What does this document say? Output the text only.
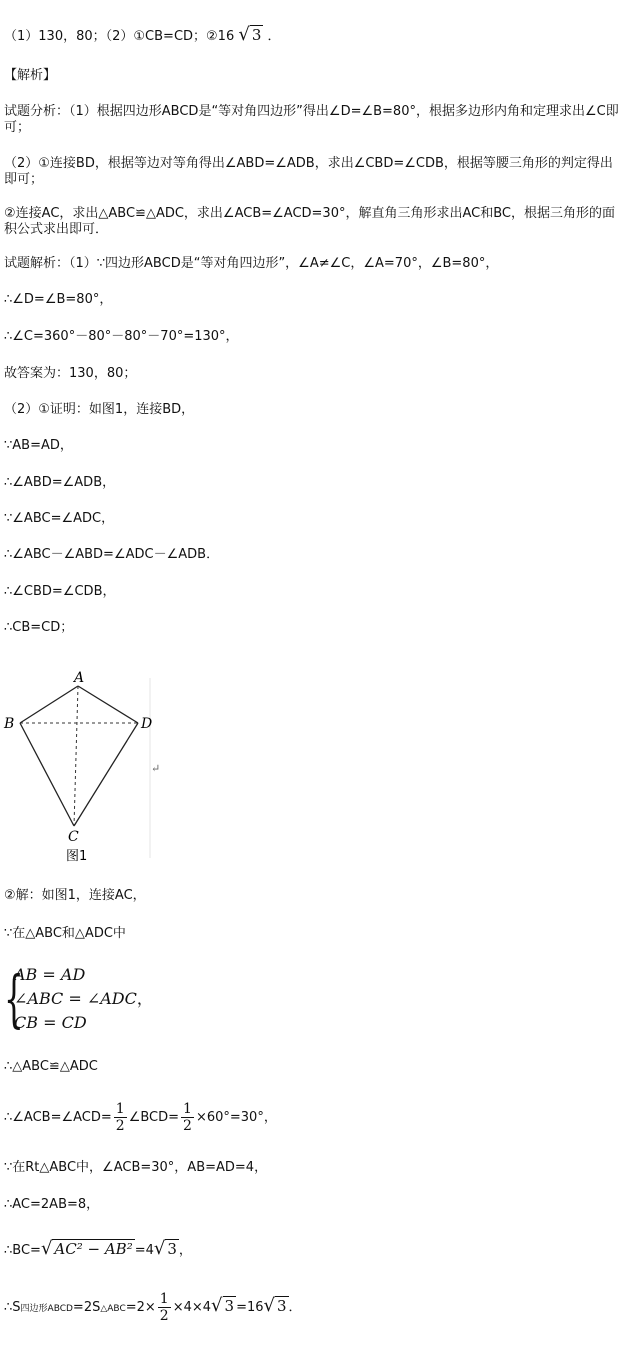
（1）130，80；（2）①CB=CD；②16 √ 3 ．
【解析】
试题分析：（1）根据四边形ABCD是“等对角四边形”得出∠D=∠B=80°，根据多边形内角和定理求出∠C即可；
（2）①连接BD，根据等边对等角得出∠ABD=∠ADB，求出∠CBD=∠CDB，根据等腰三角形的判定得出即可；
②连接AC，求出△ABC≌△ADC，求出∠ACB=∠ACD=30°，解直角三角形求出AC和BC，根据三角形的面积公式求出即可．
试题解析：（1）∵四边形ABCD是“等对角四边形”，∠A≠∠C，∠A=70°，∠B=80°，
∴∠D=∠B=80°，
∴∠C=360°－80°－80°－70°=130°，
故答案为：130，80；
（2）①证明：如图1，连接BD，
∵AB=AD，
∴∠ABD=∠ADB，
∵∠ABC=∠ADC，
∴∠ABC－∠ABD=∠ADC－∠ADB．
∴∠CBD=∠CDB，
∴CB=CD；
A
B
C
D
↵
图1
②解：如图1，连接AC，
∵在△ABC和△ADC中
{
AB = AD
∠ABC = ∠ADC，
CB = CD
∴△ABC≌△ADC
∴∠ACB=∠ACD= $\frac{1}{2}$ ∠BCD= $\frac{1}{2} \times 60^\circ=30^\circ$，
∵在Rt△ABC中，∠ACB=30°，AB=AD=4，
∴AC=2AB=8，
∴BC=√ AC² − AB² =4√ 3 ，
∴S四边形ABCD=2S△ABC=2× $\frac{1}{2} \times 4\times 4√$ 3 =16√ 3 ．
